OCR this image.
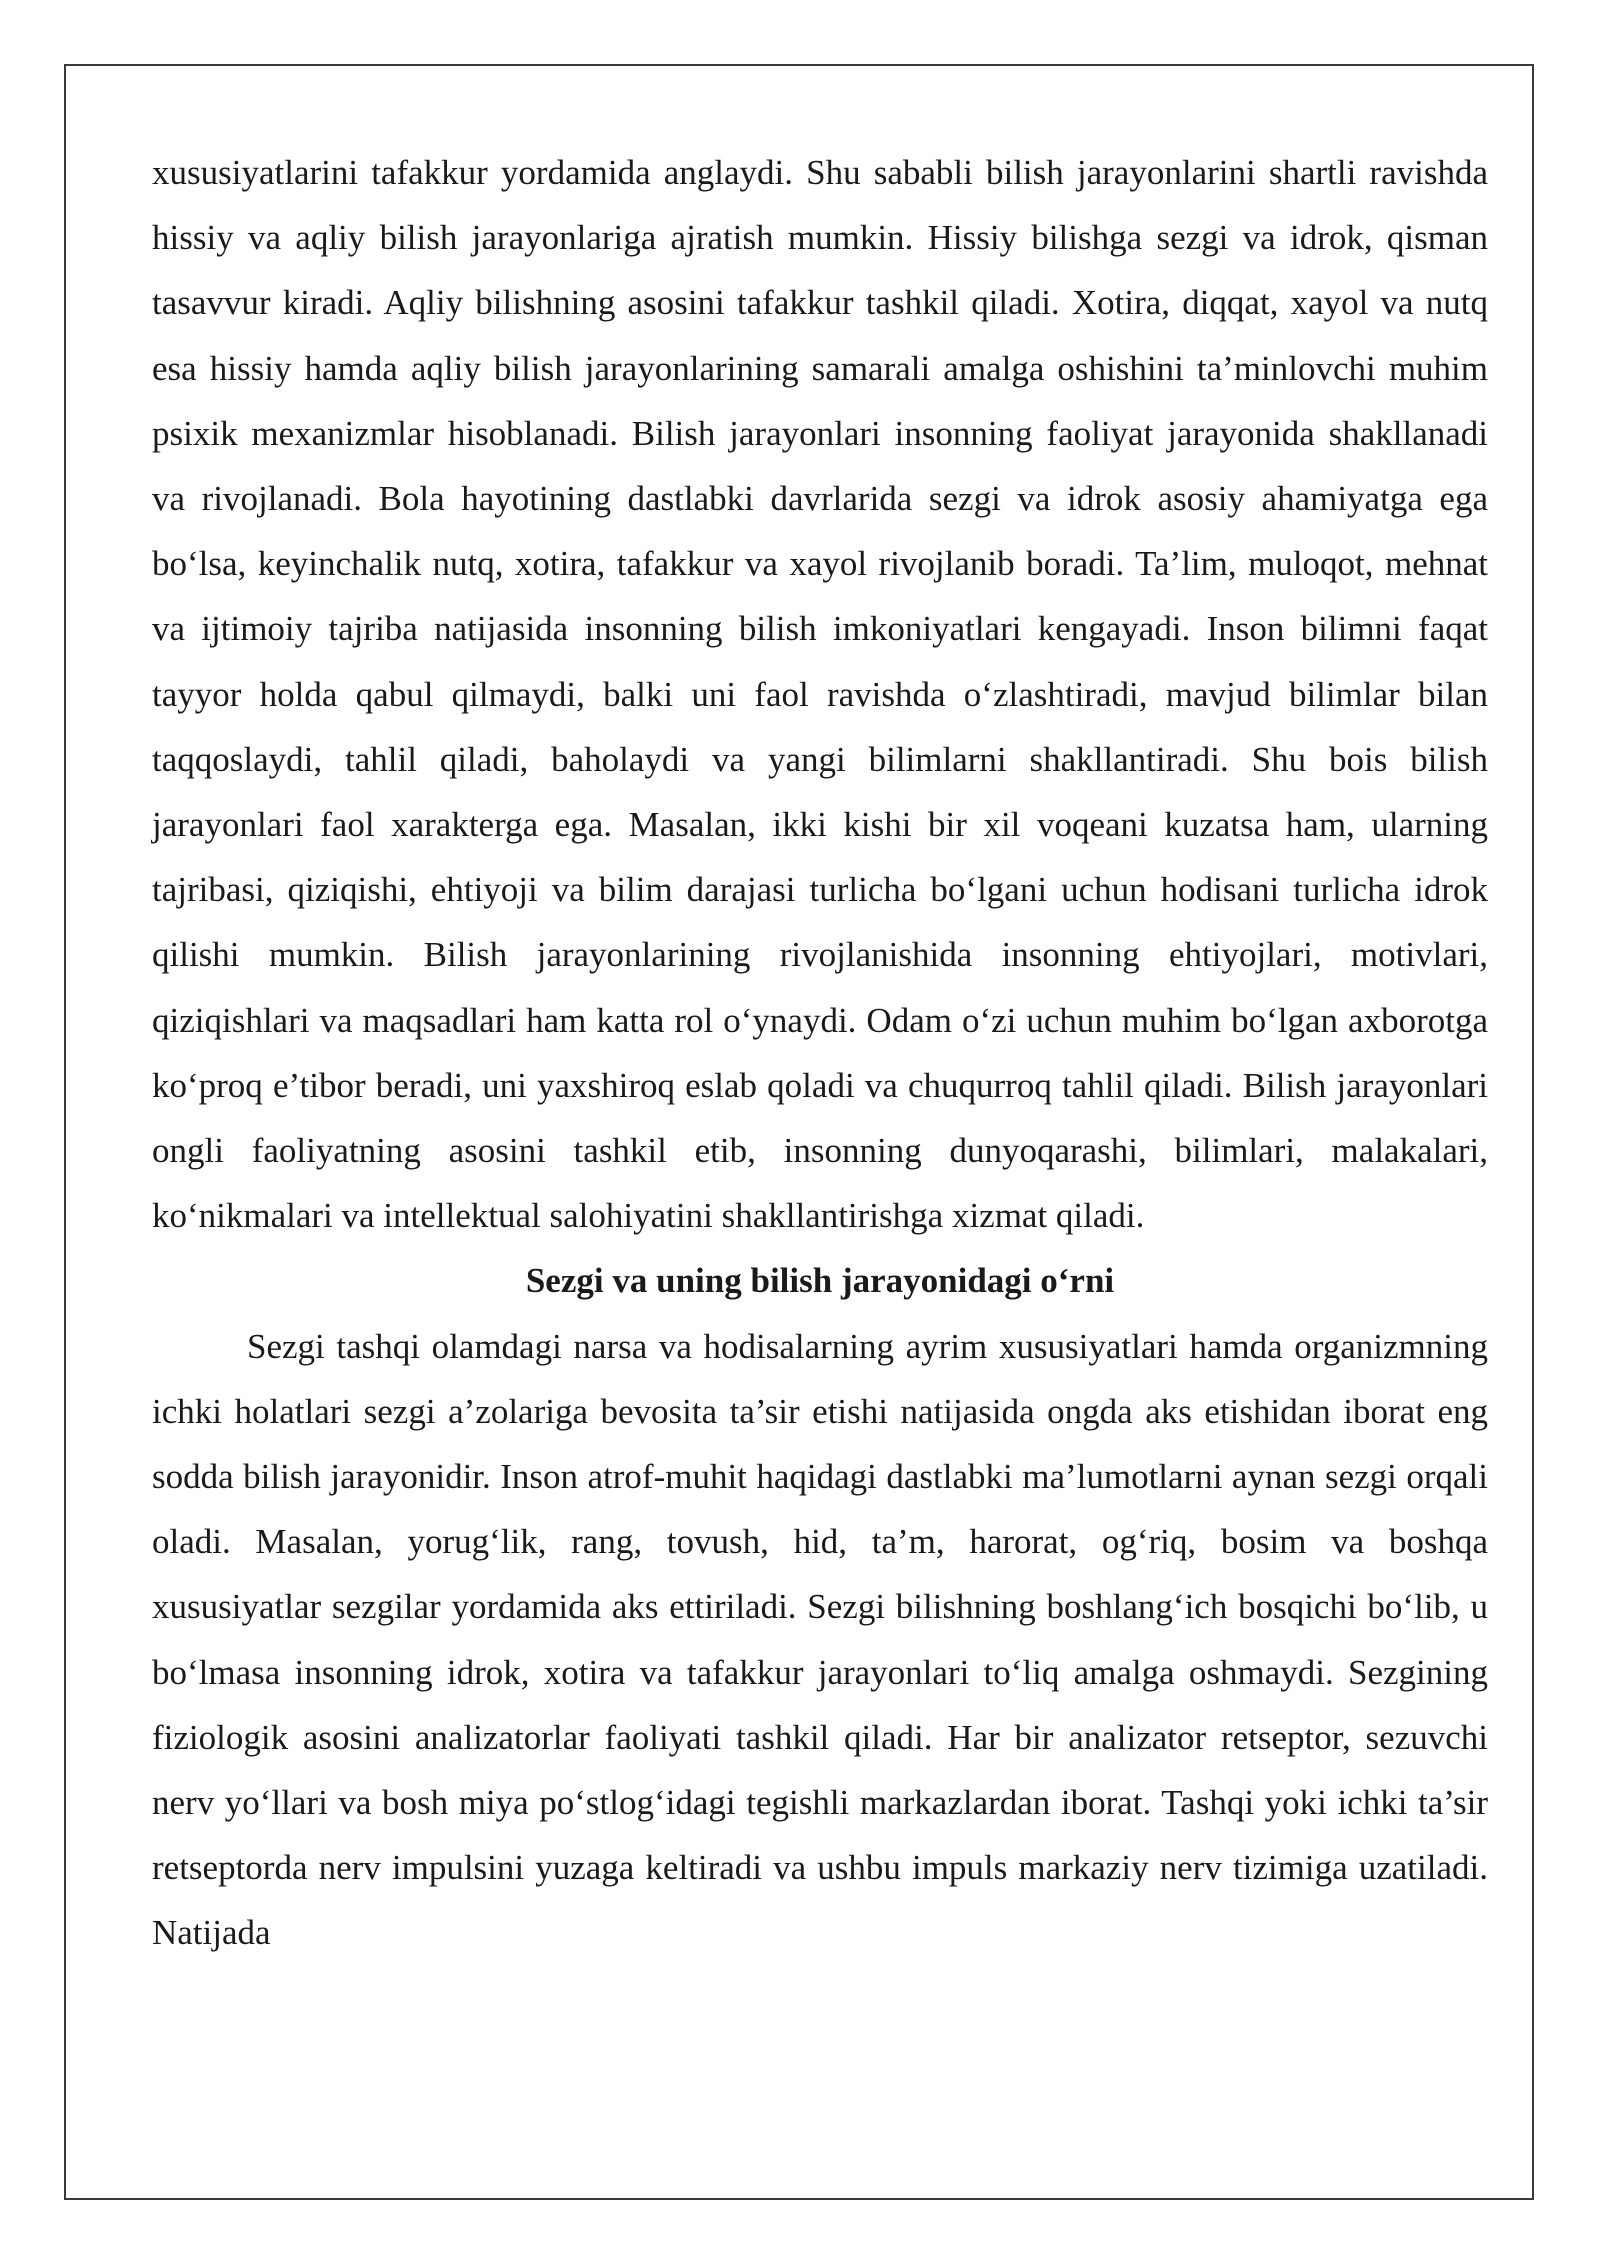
xususiyatlarini tafakkur yordamida anglaydi. Shu sababli bilish jarayonlarini shartli ravishda hissiy va aqliy bilish jarayonlariga ajratish mumkin. Hissiy bilishga sezgi va idrok, qisman tasavvur kiradi. Aqliy bilishning asosini tafakkur tashkil qiladi. Xotira, diqqat, xayol va nutq esa hissiy hamda aqliy bilish jarayonlarining samarali amalga oshishini ta’minlovchi muhim psixik mexanizmlar hisoblanadi. Bilish jarayonlari insonning faoliyat jarayonida shakllanadi va rivojlanadi. Bola hayotining dastlabki davrlarida sezgi va idrok asosiy ahamiyatga ega bo‘lsa, keyinchalik nutq, xotira, tafakkur va xayol rivojlanib boradi. Ta’lim, muloqot, mehnat va ijtimoiy tajriba natijasida insonning bilish imkoniyatlari kengayadi. Inson bilimni faqat tayyor holda qabul qilmaydi, balki uni faol ravishda o‘zlashtiradi, mavjud bilimlar bilan taqqoslaydi, tahlil qiladi, baholaydi va yangi bilimlarni shakllantiradi. Shu bois bilish jarayonlari faol xarakterga ega. Masalan, ikki kishi bir xil voqeani kuzatsa ham, ularning tajribasi, qiziqishi, ehtiyoji va bilim darajasi turlicha bo‘lgani uchun hodisani turlicha idrok qilishi mumkin. Bilish jarayonlarining rivojlanishida insonning ehtiyojlari, motivlari, qiziqishlari va maqsadlari ham katta rol o‘ynaydi. Odam o‘zi uchun muhim bo‘lgan axborotga ko‘proq e’tibor beradi, uni yaxshiroq eslab qoladi va chuqurroq tahlil qiladi. Bilish jarayonlari ongli faoliyatning asosini tashkil etib, insonning dunyoqarashi, bilimlari, malakalari, ko‘nikmalari va intellektual salohiyatini shakllantirishga xizmat qiladi.

Sezgi va uning bilish jarayonidagi o‘rni

Sezgi tashqi olamdagi narsa va hodisalarning ayrim xususiyatlari hamda organizmning ichki holatlari sezgi a’zolariga bevosita ta’sir etishi natijasida ongda aks etishidan iborat eng sodda bilish jarayonidir. Inson atrof-muhit haqidagi dastlabki ma’lumotlarni aynan sezgi orqali oladi. Masalan, yorug‘lik, rang, tovush, hid, ta’m, harorat, og‘riq, bosim va boshqa xususiyatlar sezgilar yordamida aks ettiriladi. Sezgi bilishning boshlang‘ich bosqichi bo‘lib, u bo‘lmasa insonning idrok, xotira va tafakkur jarayonlari to‘liq amalga oshmaydi. Sezgining fiziologik asosini analizatorlar faoliyati tashkil qiladi. Har bir analizator retseptor, sezuvchi nerv yo‘llari va bosh miya po‘stlog‘idagi tegishli markazlardan iborat. Tashqi yoki ichki ta’sir retseptorda nerv impulsini yuzaga keltiradi va ushbu impuls markaziy nerv tizimiga uzatiladi. Natijada
